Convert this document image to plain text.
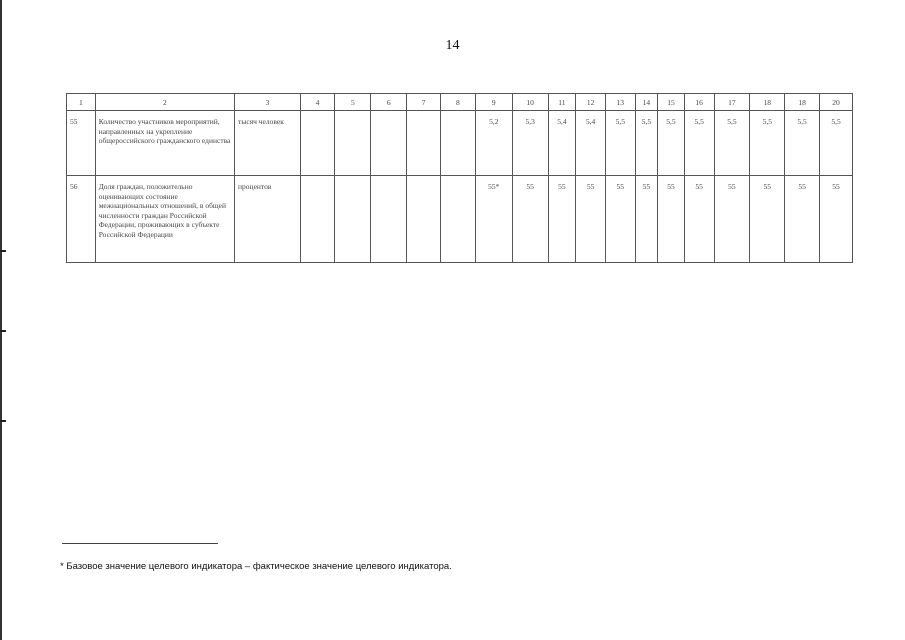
14
1	2	3	4	5	6	7	8	9	10	11	12	13	14	15	16	17	18	18	20
55	Количество участников мероприятий, направленных на укрепление общероссийского гражданского единства	тысяч человек						5,2	5,3	5,4	5,4	5,5	5,5	5,5	5,5	5,5	5,5	5,5	5,5
56	Доля граждан, положительно оценивающих состояние межнациональных отношений, в общей численности граждан Российской Федерации, проживающих в субъекте Российской Федерации	процентов						55*	55	55	55	55	55	55	55	55	55	55	55
* Базовое значение целевого индикатора – фактическое значение целевого индикатора.
